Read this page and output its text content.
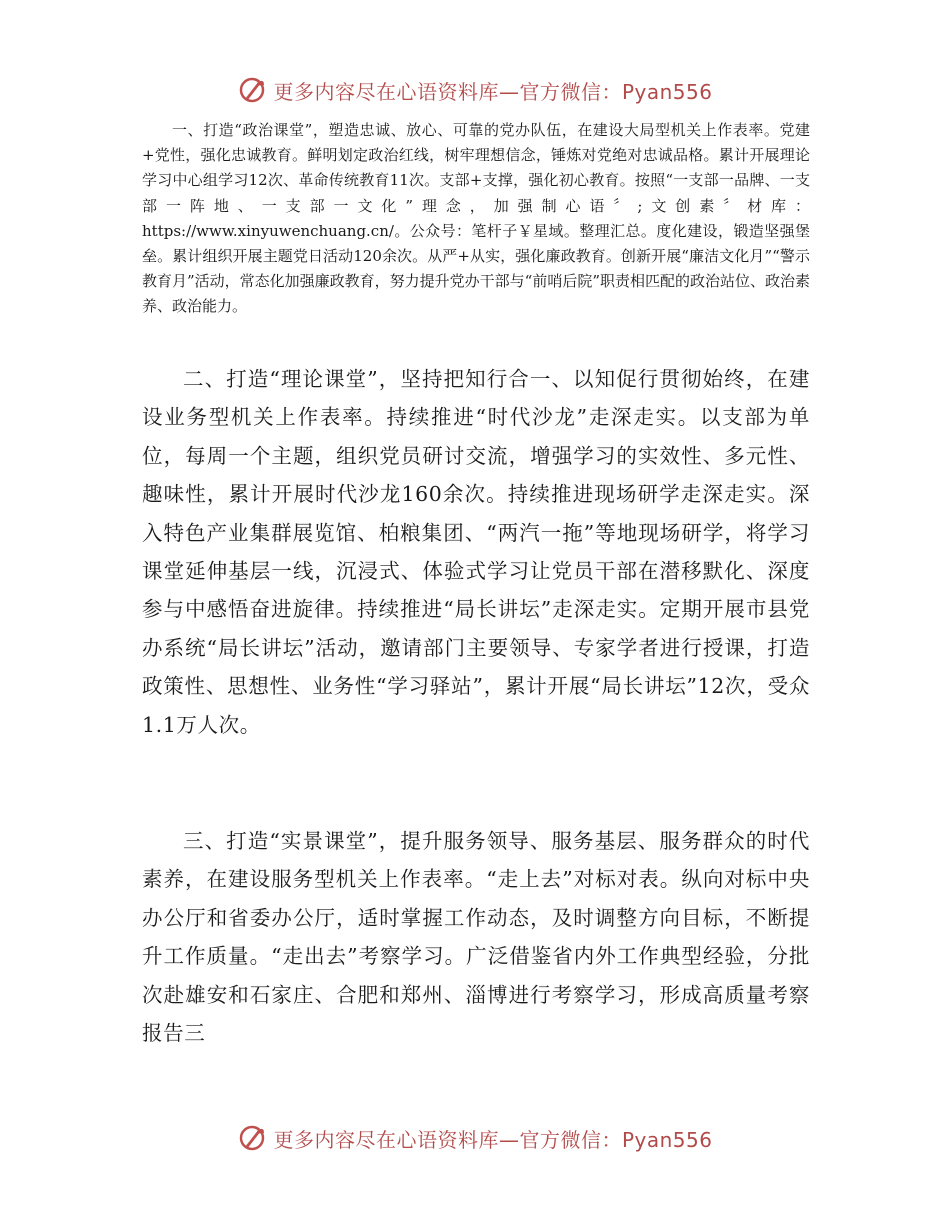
更多内容尽在心语资料库—官方微信：Pyan556

一、打造“政治课堂”，塑造忠诚、放心、可靠的党办队伍，在建设大局型机关上作表率。党建+党性，强化忠诚教育。鲜明划定政治红线，树牢理想信念，锤炼对党绝对忠诚品格。累计开展理论学习中心组学习12次、革命传统教育11次。支部+支撑，强化初心教育。按照“一支部一品牌、一支部一阵地、一支部一文化”理念，加强制心语〞;文创素〞材库：https://www.xinyuwenchuang.cn/。公众号：笔杆子￥星域。整理汇总。度化建设，锻造坚强堡垒。累计组织开展主题党日活动120余次。从严+从实，强化廉政教育。创新开展“廉洁文化月”“警示教育月”活动，常态化加强廉政教育，努力提升党办干部与“前哨后院”职责相匹配的政治站位、政治素养、政治能力。

二、打造“理论课堂”，坚持把知行合一、以知促行贯彻始终，在建设业务型机关上作表率。持续推进“时代沙龙”走深走实。以支部为单位，每周一个主题，组织党员研讨交流，增强学习的实效性、多元性、趣味性，累计开展时代沙龙160余次。持续推进现场研学走深走实。深入特色产业集群展览馆、柏粮集团、“两汽一拖”等地现场研学，将学习课堂延伸基层一线，沉浸式、体验式学习让党员干部在潜移默化、深度参与中感悟奋进旋律。持续推进“局长讲坛”走深走实。定期开展市县党办系统“局长讲坛”活动，邀请部门主要领导、专家学者进行授课，打造政策性、思想性、业务性“学习驿站”，累计开展“局长讲坛”12次，受众1.1万人次。

三、打造“实景课堂”，提升服务领导、服务基层、服务群众的时代素养，在建设服务型机关上作表率。“走上去”对标对表。纵向对标中央办公厅和省委办公厅，适时掌握工作动态，及时调整方向目标，不断提升工作质量。“走出去”考察学习。广泛借鉴省内外工作典型经验，分批次赴雄安和石家庄、合肥和郑州、淄博进行考察学习，形成高质量考察报告三

更多内容尽在心语资料库—官方微信：Pyan556
